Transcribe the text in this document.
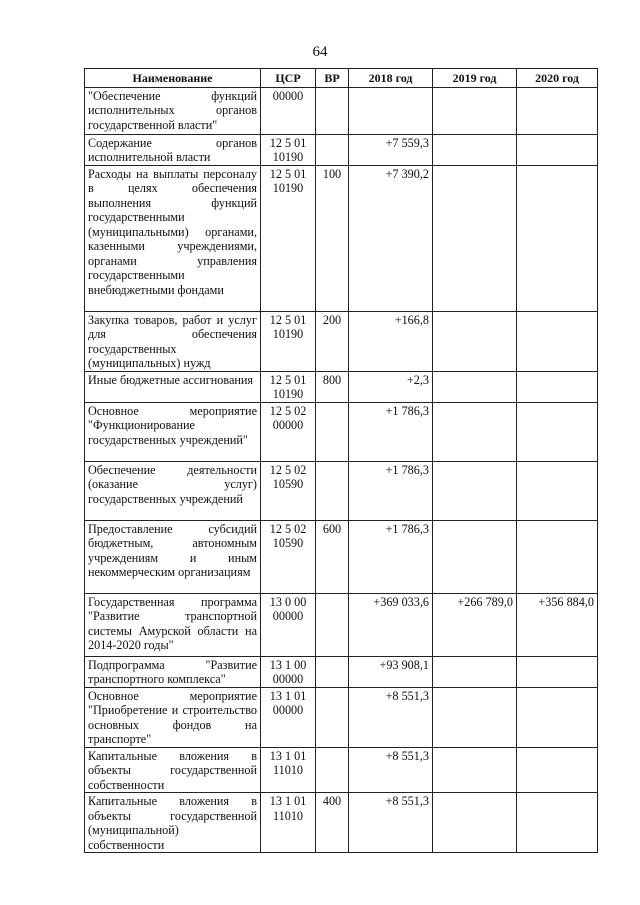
64
Наименование	ЦСР	ВР	2018 год	2019 год	2020 год
"Обеспечение функций исполнительных органов государственной власти"	00000				
Содержание органов исполнительной власти	12 5 01 10190		+7 559,3		
Расходы на выплаты персоналу в целях обеспечения выполнения функций государственными (муниципальными) органами, казенными учреждениями, органами управления государственными внебюджетными фондами	12 5 01 10190	100	+7 390,2		
Закупка товаров, работ и услуг для обеспечения государственных (муниципальных) нужд	12 5 01 10190	200	+166,8		
Иные бюджетные ассигнования	12 5 01 10190	800	+2,3		
Основное мероприятие "Функционирование государственных учреждений"	12 5 02 00000		+1 786,3		
Обеспечение деятельности (оказание услуг) государственных учреждений	12 5 02 10590		+1 786,3		
Предоставление субсидий бюджетным, автономным учреждениям и иным некоммерческим организациям	12 5 02 10590	600	+1 786,3		
Государственная программа "Развитие транспортной системы Амурской области на 2014-2020 годы"	13 0 00 00000		+369 033,6	+266 789,0	+356 884,0
Подпрограмма "Развитие транспортного комплекса"	13 1 00 00000		+93 908,1		
Основное мероприятие "Приобретение и строительство основных фондов на транспорте"	13 1 01 00000		+8 551,3		
Капитальные вложения в объекты государственной собственности	13 1 01 11010		+8 551,3		
Капитальные вложения в объекты государственной (муниципальной) собственности	13 1 01 11010	400	+8 551,3		
